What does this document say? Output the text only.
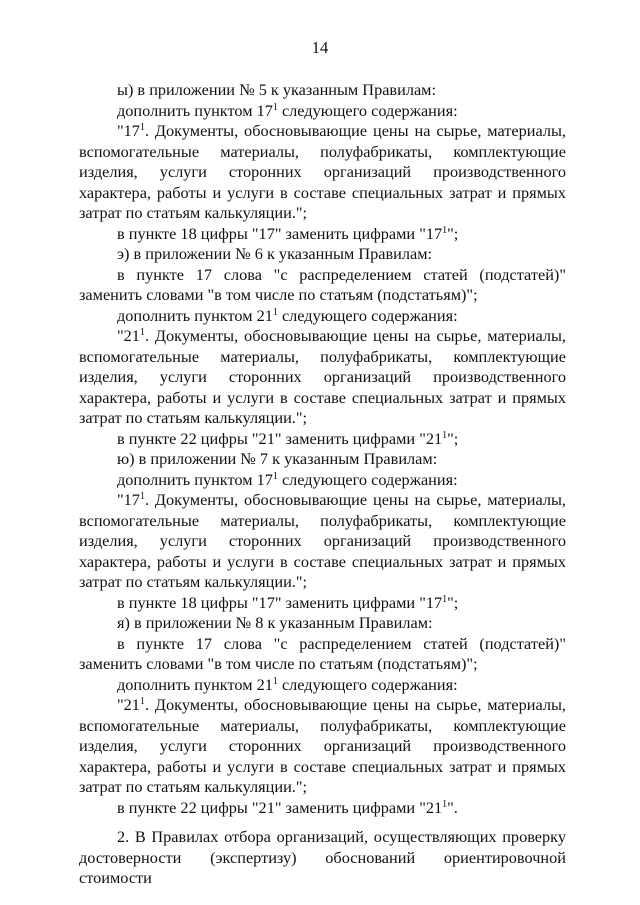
14

ы) в приложении № 5 к указанным Правилам:

дополнить пунктом $17^1$ следующего содержания:

"$17^1$. Документы, обосновывающие цены на сырье, материалы, вспомогательные материалы, полуфабрикаты, комплектующие изделия, услуги сторонних организаций производственного характера, работы и услуги в составе специальных затрат и прямых затрат по статьям калькуляции.";

в пункте 18 цифры "17" заменить цифрами "$17^1$";

э) в приложении № 6 к указанным Правилам:

в пункте 17 слова "с распределением статей (подстатей)" заменить словами "в том числе по статьям (подстатьям)";

дополнить пунктом $21^1$ следующего содержания:

"$21^1$. Документы, обосновывающие цены на сырье, материалы, вспомогательные материалы, полуфабрикаты, комплектующие изделия, услуги сторонних организаций производственного характера, работы и услуги в составе специальных затрат и прямых затрат по статьям калькуляции.";

в пункте 22 цифры "21" заменить цифрами "$21^1$";

ю) в приложении № 7 к указанным Правилам:

дополнить пунктом $17^1$ следующего содержания:

"$17^1$. Документы, обосновывающие цены на сырье, материалы, вспомогательные материалы, полуфабрикаты, комплектующие изделия, услуги сторонних организаций производственного характера, работы и услуги в составе специальных затрат и прямых затрат по статьям калькуляции.";

в пункте 18 цифры "17" заменить цифрами "$17^1$";

я) в приложении № 8 к указанным Правилам:

в пункте 17 слова "с распределением статей (подстатей)" заменить словами "в том числе по статьям (подстатьям)";

дополнить пунктом $21^1$ следующего содержания:

"$21^1$. Документы, обосновывающие цены на сырье, материалы, вспомогательные материалы, полуфабрикаты, комплектующие изделия, услуги сторонних организаций производственного характера, работы и услуги в составе специальных затрат и прямых затрат по статьям калькуляции.";

в пункте 22 цифры "21" заменить цифрами "$21^1$".

2. В Правилах отбора организаций, осуществляющих проверку достоверности (экспертизу) обоснований ориентировочной стоимости
